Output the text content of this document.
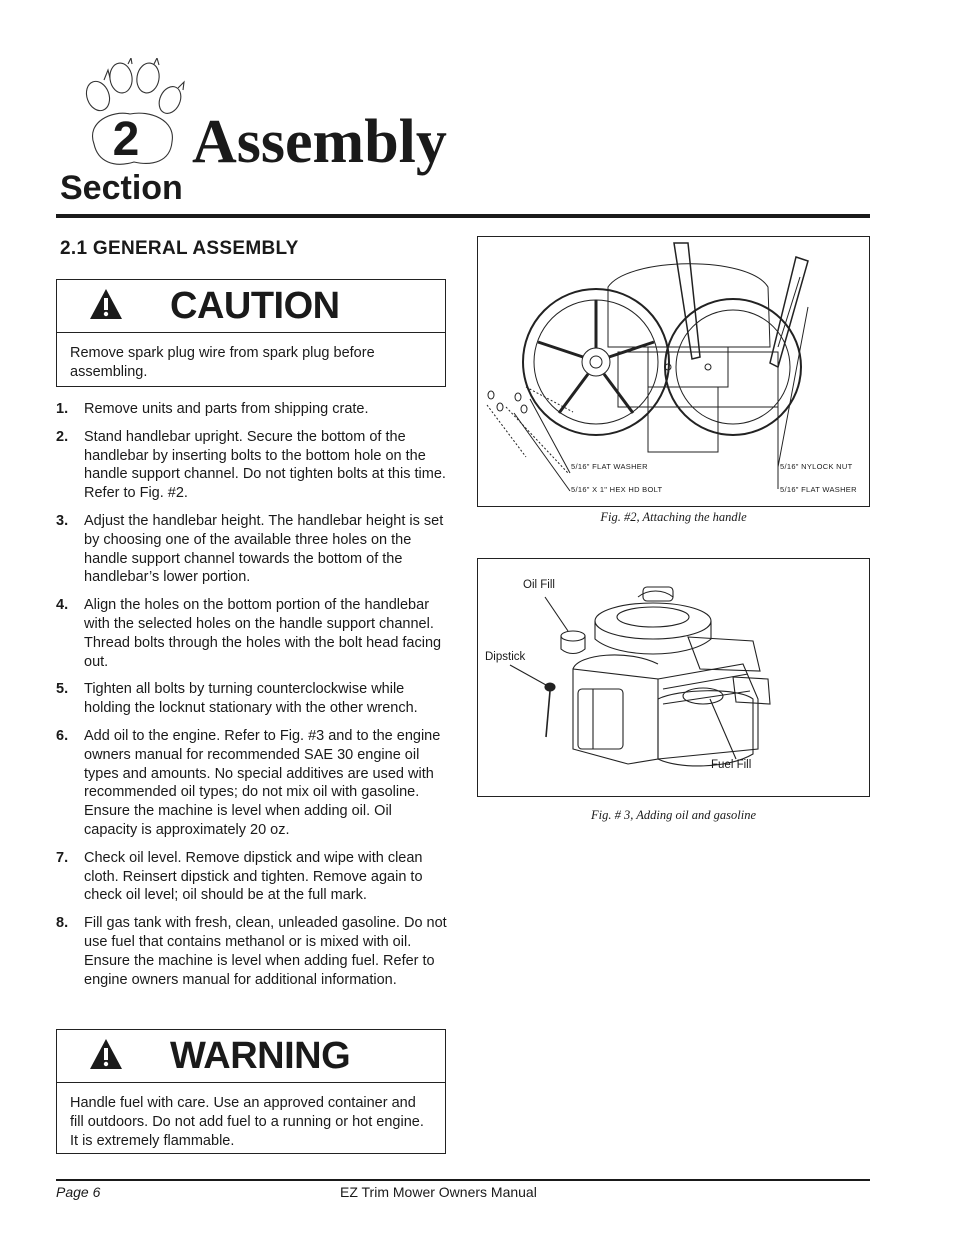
2 Assembly
Section
2.1 GENERAL ASSEMBLY
CAUTION
Remove spark plug wire from spark plug before assembling.
1.	Remove units and parts from shipping crate.
2.	Stand handlebar upright. Secure the bottom of the handlebar by inserting bolts to the bottom hole on the handle support channel. Do not tighten bolts at this time. Refer to Fig. #2.
3.	Adjust the handlebar height. The handlebar height is set by choosing one of the available three holes on the handle support channel towards the bottom of the handlebar’s lower portion.
4.	Align the holes on the bottom portion of the handlebar with the selected holes on the handle support channel. Thread bolts through the holes with the bolt head facing out.
5.	Tighten all bolts by turning counterclockwise while holding the locknut stationary with the other wrench.
6.	Add oil to the engine. Refer to Fig. #3 and to the engine owners manual for recommended SAE 30 engine oil types and amounts. No special additives are used with recommended oil types; do not mix oil with gasoline. Ensure the machine is level when adding oil. Oil capacity is approximately 20 oz.
7.	Check oil level. Remove dipstick and wipe with clean cloth. Reinsert dipstick and tighten. Remove again to check oil level; oil should be at the full mark.
8.	Fill gas tank with fresh, clean, unleaded gasoline. Do not use fuel that contains methanol or is mixed with oil. Ensure the machine is level when adding fuel. Refer to engine owners manual for additional information.
WARNING
Handle fuel with care. Use an approved container and fill outdoors. Do not add fuel to a running or hot engine. It is extremely flammable.
5/16" FLAT WASHER
5/16" X 1" HEX HD BOLT
5/16" NYLOCK NUT
5/16" FLAT WASHER
Fig. #2, Attaching the handle
Oil Fill
Dipstick
Fuel Fill
Fig. # 3, Adding oil and gasoline
Page 6	EZ Trim Mower Owners Manual
